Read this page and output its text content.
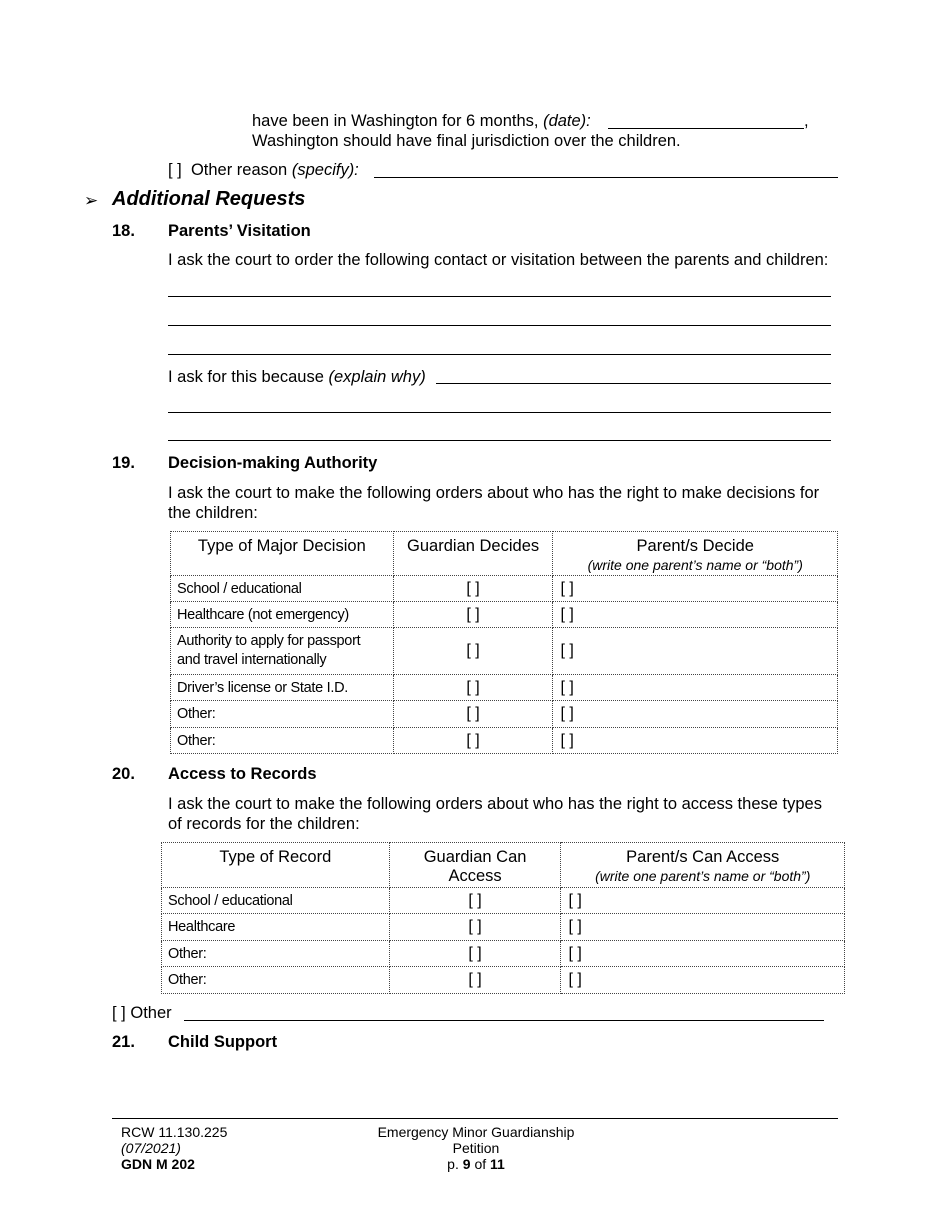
have been in Washington for 6 months, (date):	,
Washington should have final jurisdiction over the children.
[ ] Other reason (specify):
➢ Additional Requests
18. Parents’ Visitation
I ask the court to order the following contact or visitation between the parents and children:
I ask for this because (explain why)
19. Decision-making Authority
I ask the court to make the following orders about who has the right to make decisions for the children:
Type of Major Decision	Guardian Decides	Parent/s Decide
(write one parent’s name or “both”)

School / educational	[ ]	[ ]
Healthcare (not emergency)	[ ]	[ ]
Authority to apply for passport and travel internationally	[ ]	[ ]
Driver’s license or State I.D.	[ ]	[ ]
Other:	[ ]	[ ]
Other:	[ ]	[ ]
20. Access to Records
I ask the court to make the following orders about who has the right to access these types of records for the children:
Type of Record	Guardian Can Access	Parent/s Can Access
(write one parent’s name or “both”)

School / educational	[ ]	[ ]
Healthcare	[ ]	[ ]
Other:	[ ]	[ ]
Other:	[ ]	[ ]
[ ] Other
21. Child Support
RCW 11.130.225
(07/2021)
GDN M 202
Emergency Minor Guardianship
Petition
p. 9 of 11
